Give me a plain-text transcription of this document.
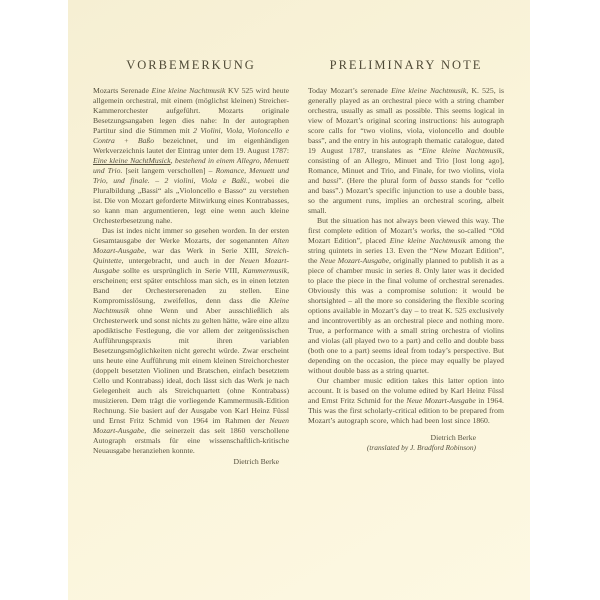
VORBEMERKUNG

Mozarts Serenade Eine kleine Nachtmusik KV 525 wird heute allgemein orchestral, mit einem (möglichst kleinen) Streicher-Kammerorchester aufgeführt. Mozarts originale Besetzungsangaben legen dies nahe: In der autographen Partitur sind die Stimmen mit 2 Violini, Viola, Violoncello e Contra + Baßo bezeichnet, und im eigenhändigen Werkverzeichnis lautet der Eintrag unter dem 19. August 1787: Eine kleine NachtMusick, bestehend in einem Allegro, Menuett und Trio. [seit langem verschollen] – Romance, Menuett und Trio, und finale. – 2 violini, Viola e Baßi., wobei die Pluralbildung „Bassi“ als „Violoncello e Basso“ zu verstehen ist. Die von Mozart geforderte Mitwirkung eines Kontrabasses, so kann man argumentieren, legt eine wenn auch kleine Orchesterbesetzung nahe.

Das ist indes nicht immer so gesehen worden. In der ersten Gesamtausgabe der Werke Mozarts, der sogenannten Alten Mozart-Ausgabe, war das Werk in Serie XIII, Streich-Quintette, untergebracht, und auch in der Neuen Mozart-Ausgabe sollte es ursprünglich in Serie VIII, Kammermusik, erscheinen; erst später entschloss man sich, es in einen letzten Band der Orchesterserenaden zu stellen. Eine Kompromisslösung, zweifellos, denn dass die Kleine Nachtmusik ohne Wenn und Aber ausschließlich als Orchesterwerk und sonst nichts zu gelten hätte, wäre eine allzu apodiktische Festlegung, die vor allem der zeitgenössischen Aufführungspraxis mit ihren variablen Besetzungsmöglichkeiten nicht gerecht würde. Zwar erscheint uns heute eine Aufführung mit einem kleinen Streichorchester (doppelt besetzten Violinen und Bratschen, einfach besetztem Cello und Kontrabass) ideal, doch lässt sich das Werk je nach Gelegenheit auch als Streichquartett (ohne Kontrabass) musizieren. Dem trägt die vorliegende Kammermusik-Edition Rechnung. Sie basiert auf der Ausgabe von Karl Heinz Füssl und Ernst Fritz Schmid von 1964 im Rahmen der Neuen Mozart-Ausgabe, die seinerzeit das seit 1860 verschollene Autograph erstmals für eine wissenschaftlich-kritische Neuausgabe heranziehen konnte.

Dietrich Berke
PRELIMINARY NOTE

Today Mozart’s serenade Eine kleine Nachtmusik, K. 525, is generally played as an orchestral piece with a string chamber orchestra, usually as small as possible. This seems logical in view of Mozart’s original scoring instructions: his autograph score calls for “two violins, viola, violoncello and double bass”, and the entry in his autograph thematic catalogue, dated 19 August 1787, translates as “Eine kleine Nachtmusik, consisting of an Allegro, Minuet and Trio [lost long ago], Romance, Minuet and Trio, and Finale, for two violins, viola and bassi”. (Here the plural form of basso stands for “cello and bass”.) Mozart’s specific injunction to use a double bass, so the argument runs, implies an orchestral scoring, albeit small.

But the situation has not always been viewed this way. The first complete edition of Mozart’s works, the so-called “Old Mozart Edition”, placed Eine kleine Nachtmusik among the string quintets in series 13. Even the “New Mozart Edition”, the Neue Mozart-Ausgabe, originally planned to publish it as a piece of chamber music in series 8. Only later was it decided to place the piece in the final volume of orchestral serenades. Obviously this was a compromise solution: it would be shortsighted – all the more so considering the flexible scoring options available in Mozart’s day – to treat K. 525 exclusively and incontrovertibly as an orchestral piece and nothing more. True, a performance with a small string orchestra of violins and violas (all played two to a part) and cello and double bass (both one to a part) seems ideal from today’s perspective. But depending on the occasion, the piece may equally be played without double bass as a string quartet.

Our chamber music edition takes this latter option into account. It is based on the volume edited by Karl Heinz Füssl and Ernst Fritz Schmid for the Neue Mozart-Ausgabe in 1964. This was the first scholarly-critical edition to be prepared from Mozart’s autograph score, which had been lost since 1860.

Dietrich Berke
(translated by J. Bradford Robinson)
